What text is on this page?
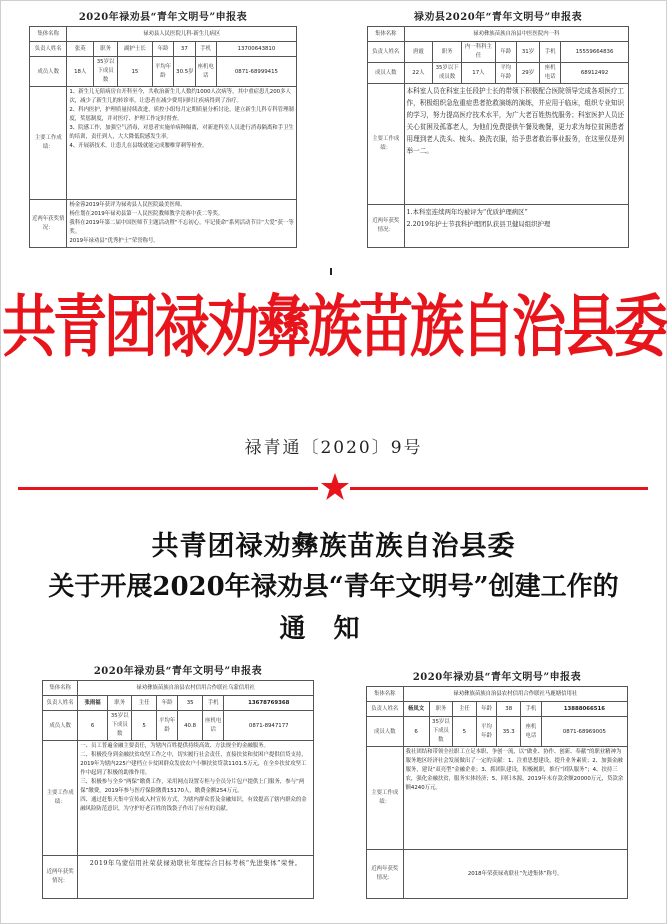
2020年禄劝县“青年文明号”申报表
集体名称	禄劝县人民医院儿科·新生儿病区						
负责人姓名	张英	职务	副护士长	年龄	37	手机	13700643810
成员人数	18人	35岁以下成员数	15	平均年龄	30.5岁	座机电话	0871-68999415
主要工作成绩：	1、新生儿无陪病房自开科至今，共收治新生儿人数约1000人次病等，其中重症患儿200多人次，减少了新生儿的转诊率，让患者在减少费用同时让疾病得到了治疗。
2、科内医护，护理质量持续改进，质控小组每月定期质量分析讨论，建立新生儿科专科管理制度，奖惩制度，并对医疗、护理工作定时督查。
3、院感工作，加强空气消毒，对患者实施单病种隔离，对新进科室人员进行消毒隔离和手卫生的培训，责任到人，大大降低院感发生率。
4、开展新技术，让患儿在县级就能完成腰椎穿刺等检查。						

近两年获奖情况：	杨金蓉2019年获评为禄劝县人民医院最美医师。
杨仕划在2019年禄劝县第一人民医院教师教学竞赛中获二等奖。
我科在2019年第二届中国医师节主题活动暨“不忘初心，牢记使命”系列活动节目“大爱”获一等奖。
2019年禄劝县“优秀护士”荣誉称号。						
禄劝县2020年“青年文明号”申报表
集体名称	禄劝彝族苗族自治县中医医院内一科						
负责人姓名	唐霞	职务	内一科科主任	年龄	31岁	手机	15559664836
成员人数	22人	35岁以下成员数	17人	平均年龄	29岁	座机电话	68912492
主要工作成绩：	本科室人员在科室主任段护士长的带领下积极配合医院领导完成各项医疗工作，积极组织急危重症患者抢救演练的演练，并应用于临床，组织专业知识的学习，努力提高医疗技术水平，为广大老百姓热忱服务；科室医护人员还关心贫困及孤寡老人，为他们免费提供午餐及晚餐，更力求为每位贫困患者用理到老人洗头、梳头、换洗衣服，给予患者救治事业报务，在这里仅是列举一二。						

近两年获奖情况：	1.本科室连续两年均被评为“优质护理病区”
2.2019年护士节我科护理团队获县卫健局组织护理						
共青团禄劝彝族苗族自治县委
禄青通〔2020〕9号
共青团禄劝彝族苗族自治县委
关于开展2020年禄劝县“青年文明号”创建工作的
通知
2020年禄劝县“青年文明号”申报表
集体名称	禄劝彝族苗族自治县农村信用合作联社乌蒙信用社						
负责人姓名	张雨福	职务	主任	年龄	35	手机	13678769368
成员人数	6	35岁以下成员数	5	平均年龄	40.8	座机电话	0871-8947177
主要工作成绩：	一、员工普遍金融主要责任，为辖内百姓提供持续高效、方法规全的金融服务。
二、积极投身到金融扶贫攻坚工作之中，切实履行社会责任，直接扶贫和贫困户提供信贷支持，2019年为辖内225户建档立卡贫困群众发放农户小额扶贫贷款1101.5万元，在全乡扶贫攻坚工作中起到了积极的助推作用。
三、积极参与全乡“两保”缴费工作，采用网点设置专柜与全员分片包户提供上门服务，参与“两保”缴费，2019年参与医疗保险缴费15170人，缴费金额254万元。
四、通过赶集天集中宣传或入村宣传方式，为辖内群众普及金融知识，有效提高了辖内群众的金融风险防范意识，为守护好老百姓的钱袋子作出了应有的贡献。						

近两年获奖情况：	2019年乌蒙信用社荣获禄劝联社年度综合目标考核“先进集体”荣誉。						
2020年禄劝县“青年文明号”申报表
集体名称	禄劝彝族苗族自治县农村信用合作联社马鹿塘信用社						
负责人姓名	杨凤文	职务	主任	年龄	38	手机	13888066516
成员人数	6	35岁以下成员数	5	平均年龄	35.3	座机电话	0871-68969005
主要工作成绩：	我社团结和带领全社职工立足本职、争创一流，以“做业、协作、创新、奉献”的职业精神为服务地区经济社会发展做出了一定的贡献：1、注重思想建设，提升业务素质；2、加强金融服务，建设“双亮型”金融企业；3、抓团队建设，积极履职，推行“团队服务”；4、扶持三农，强化金融扶贫，服务实体经济；5、回归本源，2019年末存款余额20000万元，贷款余额4240万元。						

近两年获奖情况：	2018年荣获禄劝联社“先进集体”称号。						
